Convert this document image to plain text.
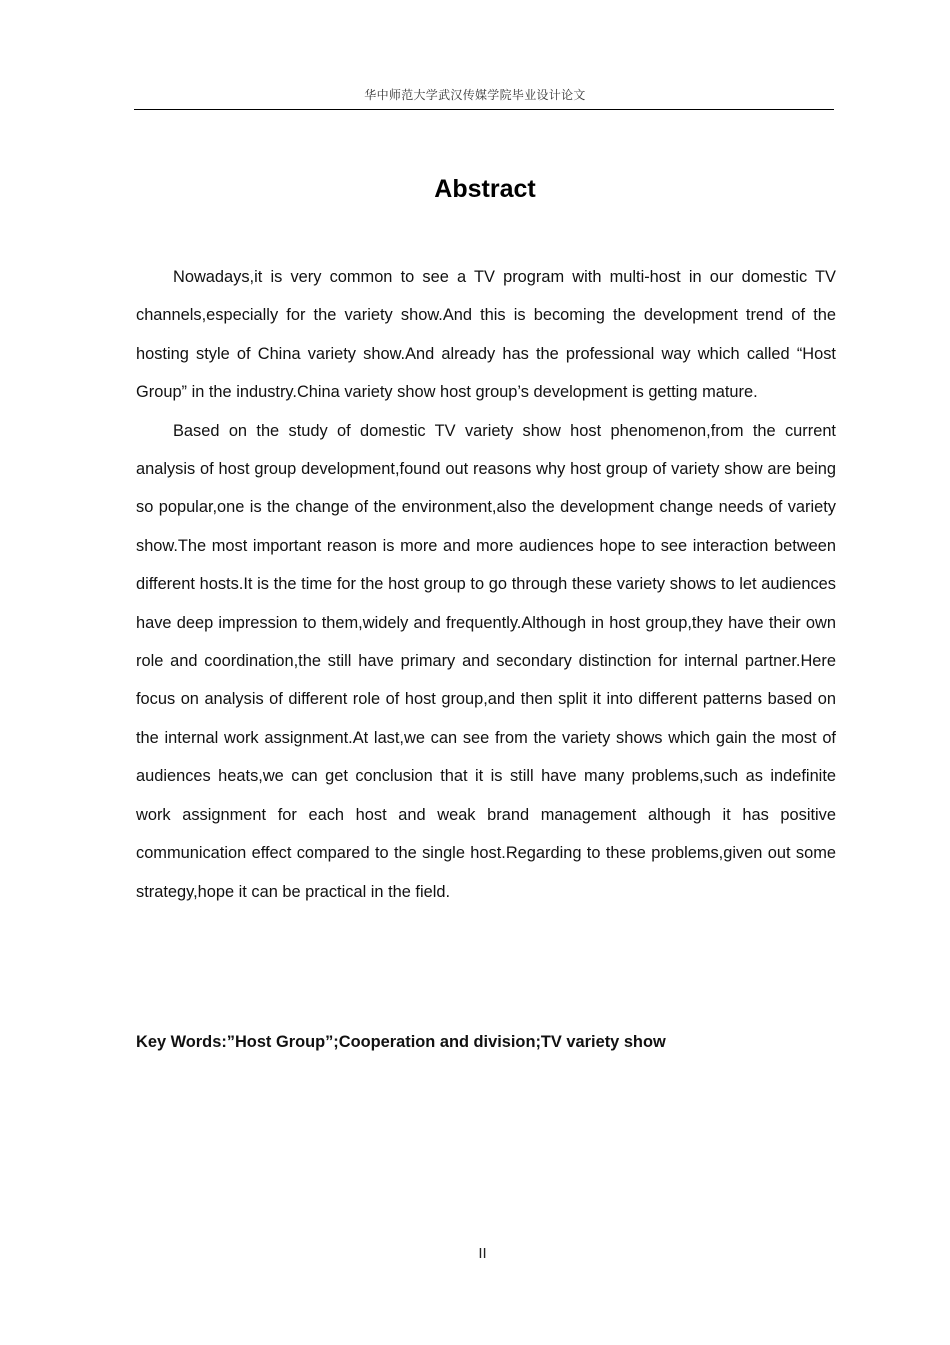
华中师范大学武汉传媒学院毕业设计论文
Abstract

Nowadays,it is very common to see a TV program with multi-host in our domestic TV channels,especially for the variety show.And this is becoming the development trend of the hosting style of China variety show.And already has the professional way which called “Host Group” in the industry.China variety show host group’s development is getting mature.

Based on the study of domestic TV variety show host phenomenon,from the current analysis of host group development,found out reasons why host group of variety show are being so popular,one is the change of the environment,also the development change needs of variety show.The most important reason is more and more audiences hope to see interaction between different hosts.It is the time for the host group to go through these variety shows to let audiences have deep impression to them,widely and frequently.Although in host group,they have their own role and coordination,the still have primary and secondary distinction for internal partner.Here focus on analysis of different role of host group,and then split it into different patterns based on the internal work assignment.At last,we can see from the variety shows which gain the most of audiences heats,we can get conclusion that it is still have many problems,such as indefinite work assignment for each host and weak brand management although it has positive communication effect compared to the single host.Regarding to these problems,given out some strategy,hope it can be practical in the field.

Key Words:”Host Group”;Cooperation and division;TV variety show
II
